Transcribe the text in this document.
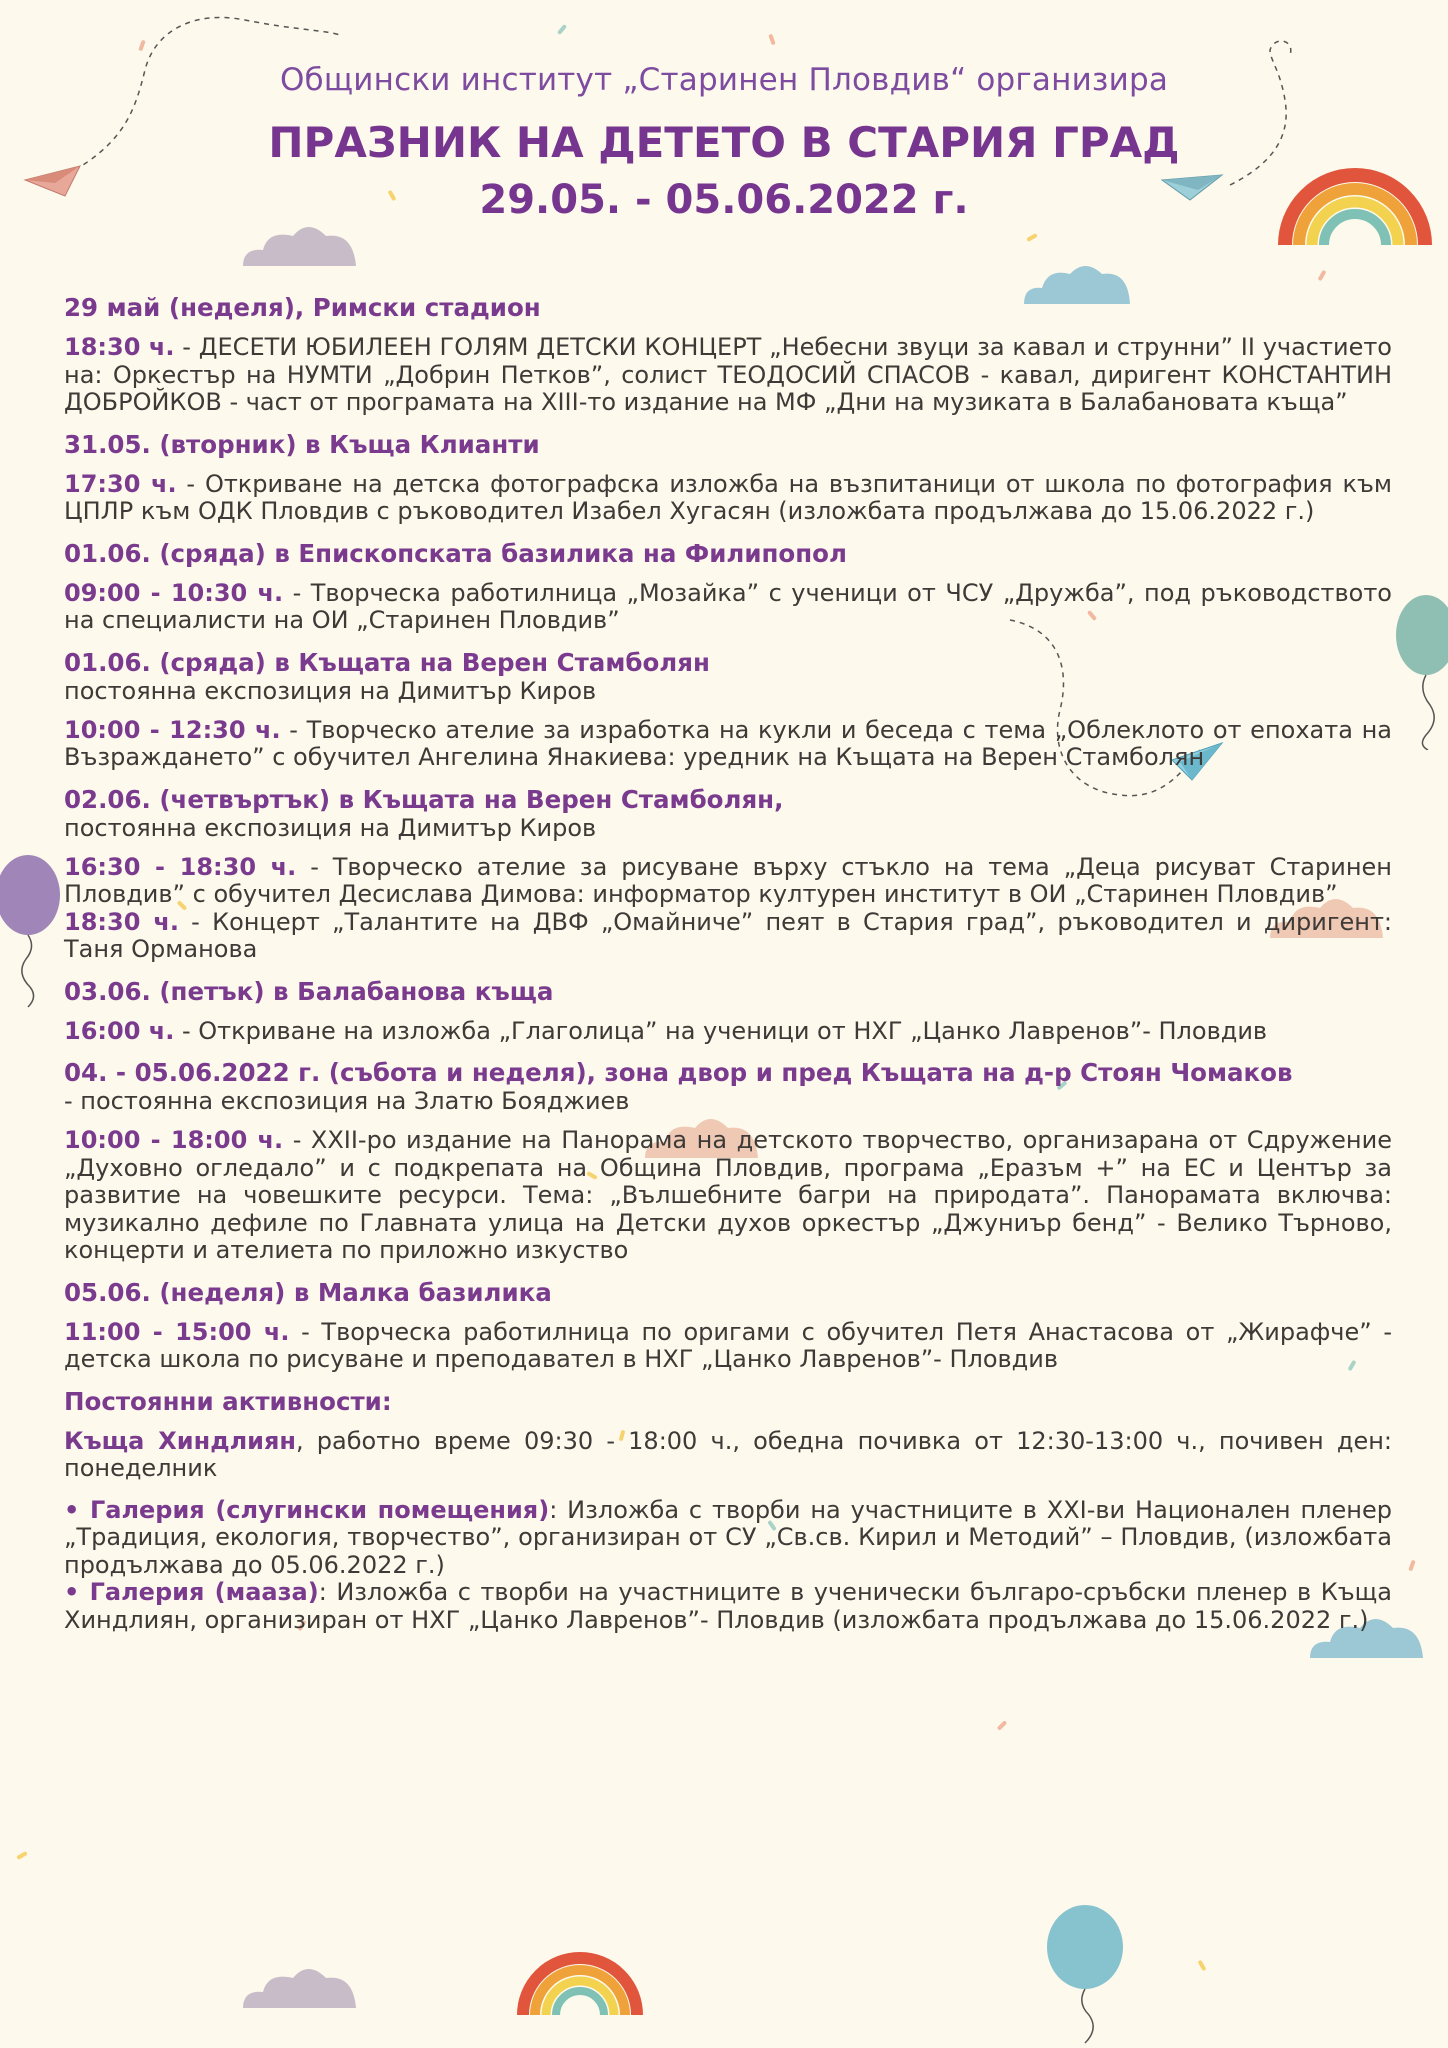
Общински институт „Старинен Пловдив“ организира
ПРАЗНИК НА ДЕТЕТО В СТАРИЯ ГРАД
29.05. - 05.06.2022 г.
29 май (неделя), Римски стадион
18:30 ч. - ДЕСЕТИ ЮБИЛЕЕН ГОЛЯМ ДЕТСКИ КОНЦЕРТ „Небесни звуци за кавал и струнни” II участието на: Оркестър на НУМТИ „Добрин Петков”, солист ТЕОДОСИЙ СПАСОВ - кавал, диригент КОНСТАНТИН ДОБРОЙКОВ - част от програмата на XIII-то издание на МФ „Дни на музиката в Балабановата къща”
31.05. (вторник) в Къща Клианти
17:30 ч. - Откриване на детска фотографска изложба на възпитаници от школа по фотография към ЦПЛР към ОДК Пловдив с ръководител Изабел Хугасян (изложбата продължава до 15.06.2022 г.)
01.06. (сряда) в Епископската базилика на Филипопол
09:00 - 10:30 ч. - Творческа работилница „Мозайка” с ученици от ЧСУ „Дружба”, под ръководството на специалисти на ОИ „Старинен Пловдив”
01.06. (сряда) в Къщата на Верен Стамболян
постоянна експозиция на Димитър Киров
10:00 - 12:30 ч. - Творческо ателие за изработка на кукли и беседа с тема „Облеклото от епохата на Възраждането” с обучител Ангелина Янакиева: уредник на Къщата на Верен Стамболян
02.06. (четвъртък) в Къщата на Верен Стамболян,
постоянна експозиция на Димитър Киров
16:30 - 18:30 ч. - Творческо ателие за рисуване върху стъкло на тема „Деца рисуват Старинен Пловдив” с обучител Десислава Димова: информатор културен институт в ОИ „Старинен Пловдив”
18:30 ч. - Концерт „Талантите на ДВФ „Омайниче” пеят в Стария град”, ръководител и диригент: Таня Орманова
03.06. (петък) в Балабанова къща
16:00 ч. - Откриване на изложба „Глаголица” на ученици от НХГ „Цанко Лавренов”- Пловдив
04. - 05.06.2022 г. (събота и неделя), зона двор и пред Къщата на д-р Стоян Чомаков
- постоянна експозиция на Златю Бояджиев
10:00 - 18:00 ч. - XXII-ро издание на Панорама на детското творчество, организарана от Сдружение „Духовно огледало” и с подкрепата на Община Пловдив, програма „Еразъм +” на ЕС и Център за развитие на човешките ресурси. Тема: „Вълшебните багри на природата”. Панорамата включва: музикално дефиле по Главната улица на Детски духов оркестър „Джуниър бенд” - Велико Търново, концерти и ателиета по приложно изкуство
05.06. (неделя) в Малка базилика
11:00 - 15:00 ч. - Творческа работилница по оригами с обучител Петя Анастасова от „Жирафче” - детска школа по рисуване и преподавател в НХГ „Цанко Лавренов”- Пловдив
Постоянни активности:
Къща Хиндлиян, работно време 09:30 - 18:00 ч., обедна почивка от 12:30-13:00 ч., почивен ден: понеделник
• Галерия (слугински помещения): Изложба с творби на участниците в XXI-ви Национален пленер „Традиция, екология, творчество”, организиран от СУ „Св.св. Кирил и Методий” – Пловдив, (изложбата продължава до 05.06.2022 г.)
• Галерия (мааза): Изложба с творби на участниците в ученически българо-сръбски пленер в Къща Хиндлиян, организиран от НХГ „Цанко Лавренов”- Пловдив (изложбата продължава до 15.06.2022 г.)
